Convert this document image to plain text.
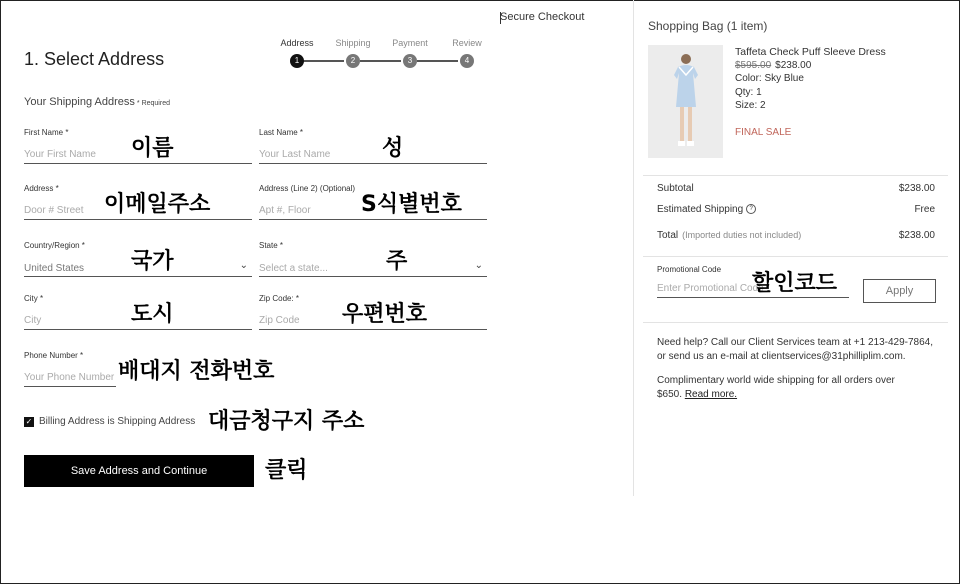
Secure Checkout
1. Select Address
Address	Shipping	Payment	Review
1	2	3	4
Your Shipping Address * Required
First Name *
Your First Name
이름
Last Name *
Your Last Name
성
Address *
Door # Street
이메일주소
Address (Line 2) (Optional)
Apt #, Floor
S식별번호
Country/Region *
United States	⌄
국가
State *
Select a state...	⌄
주
City *
City
도시
Zip Code: *
Zip Code
우편번호
Phone Number *
Your Phone Number
배대지 전화번호
✓ Billing Address is Shipping Address 대금청구지 주소
Save Address and Continue	클릭
Shopping Bag (1 item)
Taffeta Check Puff Sleeve Dress
$595.00 $238.00
Color: Sky Blue
Qty: 1
Size: 2
FINAL SALE
Subtotal	$238.00
Estimated Shipping ?	Free
Total (Imported duties not included)	$238.00
Promotional Code
Enter Promotional Code
할인코드	Apply
Need help? Call our Client Services team at +1 213-429-7864,
or send us an e-mail at clientservices@31philliplim.com.
Complimentary world wide shipping for all orders over
$650. Read more.
